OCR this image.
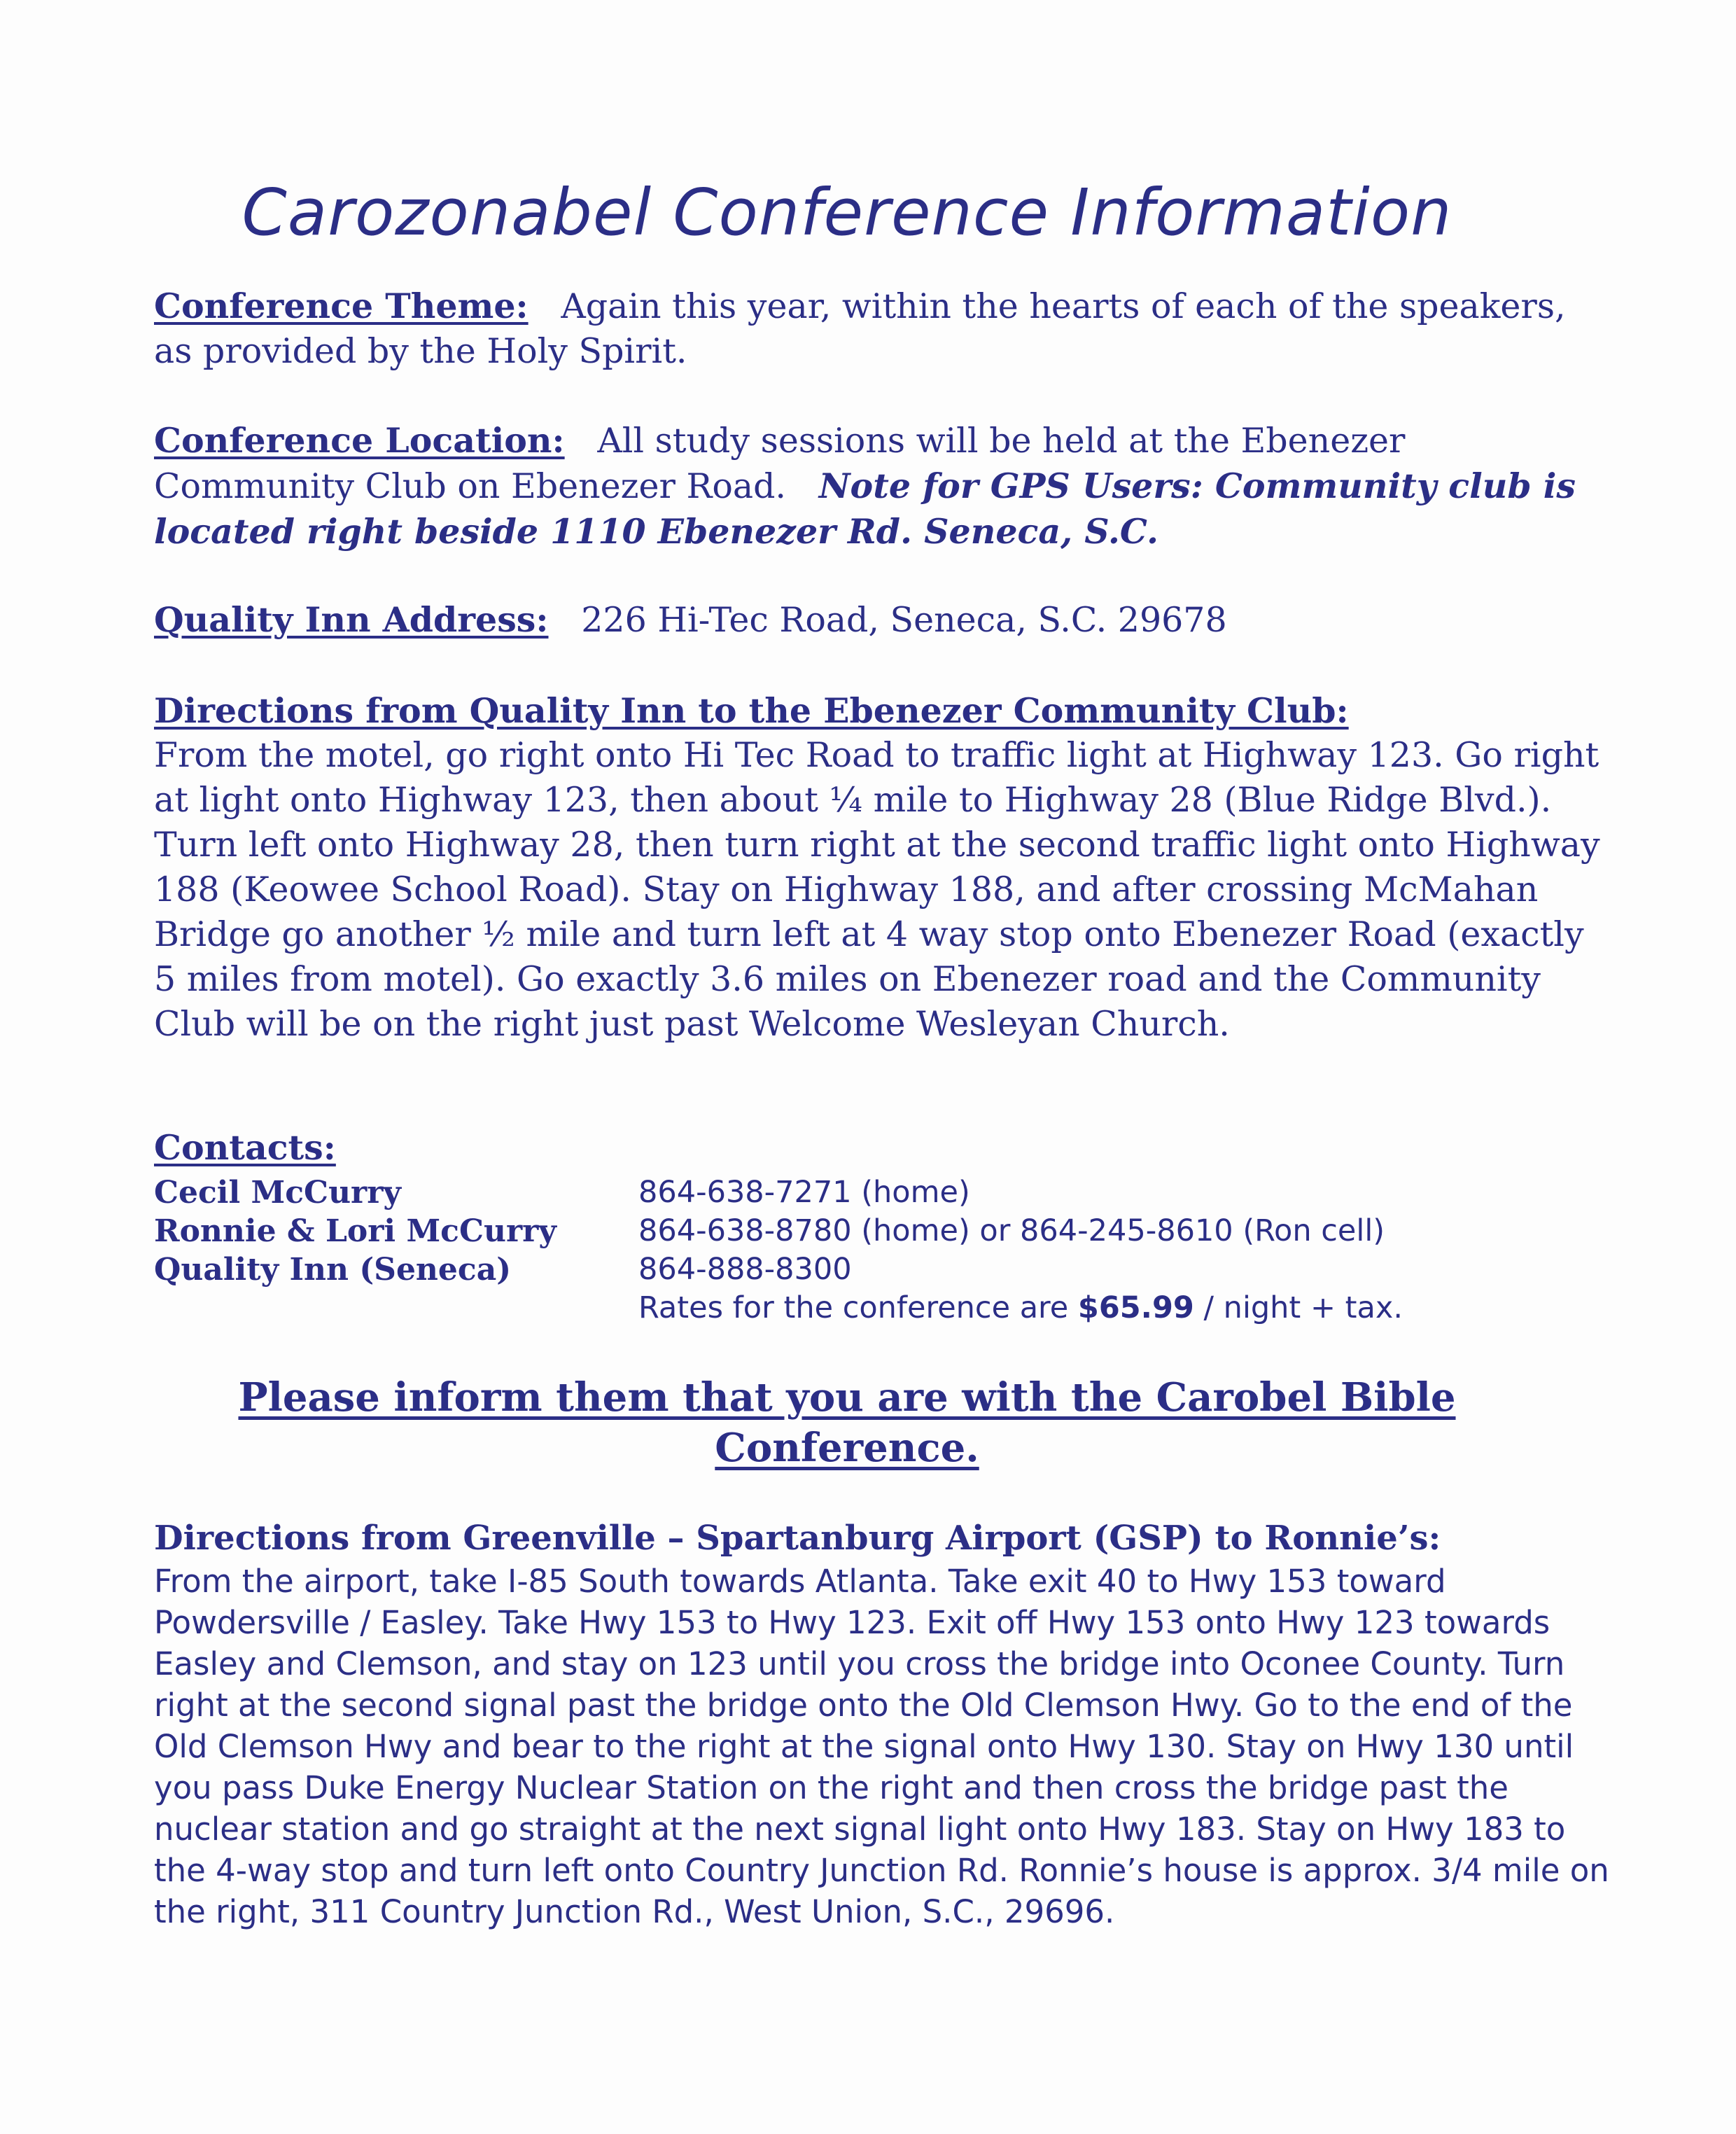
Carozonabel Conference Information
Conference Theme: Again this year, within the hearts of each of the speakers, as provided by the Holy Spirit.
Conference Location: All study sessions will be held at the Ebenezer Community Club on Ebenezer Road. Note for GPS Users: Community club is located right beside 1110 Ebenezer Rd. Seneca, S.C.
Quality Inn Address: 226 Hi-Tec Road, Seneca, S.C. 29678
Directions from Quality Inn to the Ebenezer Community Club:
From the motel, go right onto Hi Tec Road to traffic light at Highway 123. Go right at light onto Highway 123, then about ¼ mile to Highway 28 (Blue Ridge Blvd.). Turn left onto Highway 28, then turn right at the second traffic light onto Highway 188 (Keowee School Road). Stay on Highway 188, and after crossing McMahan Bridge go another ½ mile and turn left at 4 way stop onto Ebenezer Road (exactly 5 miles from motel). Go exactly 3.6 miles on Ebenezer road and the Community Club will be on the right just past Welcome Wesleyan Church.
Contacts:
Cecil McCurry	864-638-7271 (home)
Ronnie & Lori McCurry	864-638-8780 (home) or 864-245-8610 (Ron cell)
Quality Inn (Seneca)	864-888-8300
Rates for the conference are $65.99 / night + tax.
Please inform them that you are with the Carobel Bible Conference.
Directions from Greenville – Spartanburg Airport (GSP) to Ronnie’s:
From the airport, take I-85 South towards Atlanta. Take exit 40 to Hwy 153 toward Powdersville / Easley. Take Hwy 153 to Hwy 123. Exit off Hwy 153 onto Hwy 123 towards Easley and Clemson, and stay on 123 until you cross the bridge into Oconee County. Turn right at the second signal past the bridge onto the Old Clemson Hwy. Go to the end of the Old Clemson Hwy and bear to the right at the signal onto Hwy 130. Stay on Hwy 130 until you pass Duke Energy Nuclear Station on the right and then cross the bridge past the nuclear station and go straight at the next signal light onto Hwy 183. Stay on Hwy 183 to the 4-way stop and turn left onto Country Junction Rd. Ronnie’s house is approx. 3/4 mile on the right, 311 Country Junction Rd., West Union, S.C., 29696.
